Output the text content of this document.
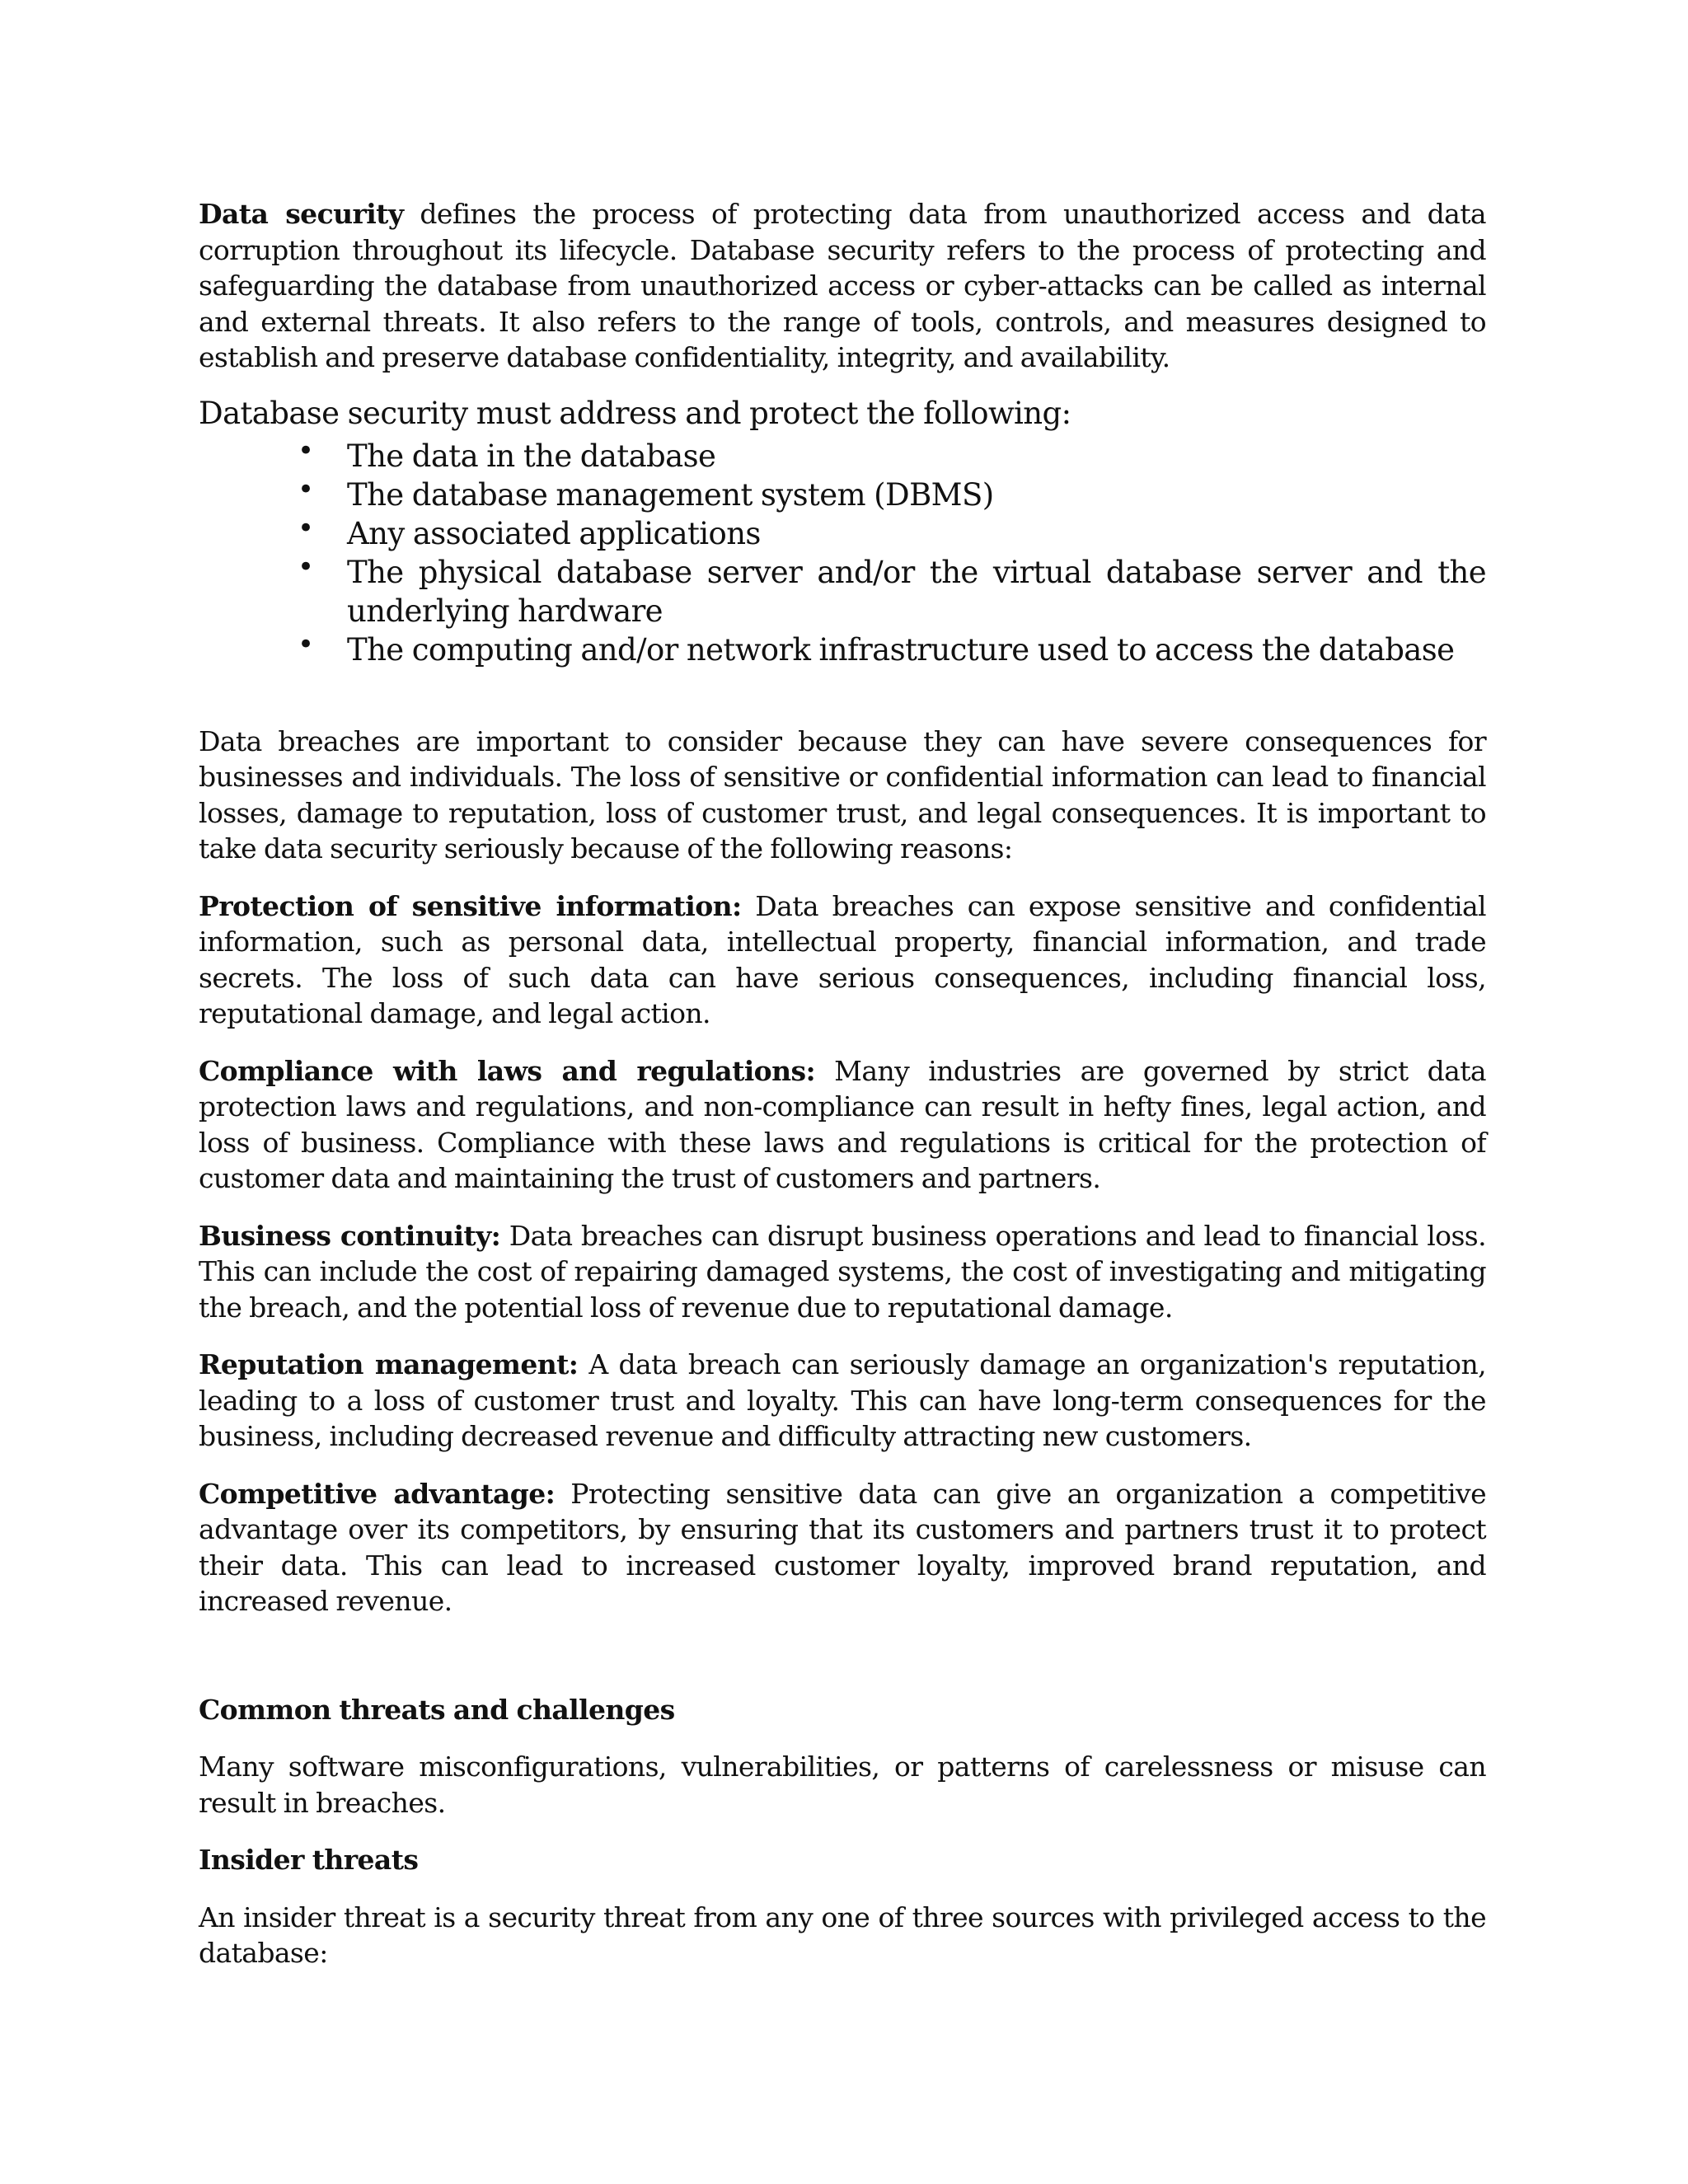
Data security defines the process of protecting data from unauthorized access and data corruption throughout its lifecycle. Database security refers to the process of protecting and safeguarding the database from unauthorized access or cyber-attacks can be called as internal and external threats. It also refers to the range of tools, controls, and measures designed to establish and preserve database confidentiality, integrity, and availability.

Database security must address and protect the following:

• The data in the database
• The database management system (DBMS)
• Any associated applications
• The physical database server and/or the virtual database server and the underlying hardware
• The computing and/or network infrastructure used to access the database

Data breaches are important to consider because they can have severe consequences for businesses and individuals. The loss of sensitive or confidential information can lead to financial losses, damage to reputation, loss of customer trust, and legal consequences. It is important to take data security seriously because of the following reasons:

Protection of sensitive information: Data breaches can expose sensitive and confidential information, such as personal data, intellectual property, financial information, and trade secrets. The loss of such data can have serious consequences, including financial loss, reputational damage, and legal action.

Compliance with laws and regulations: Many industries are governed by strict data protection laws and regulations, and non-compliance can result in hefty fines, legal action, and loss of business. Compliance with these laws and regulations is critical for the protection of customer data and maintaining the trust of customers and partners.

Business continuity: Data breaches can disrupt business operations and lead to financial loss. This can include the cost of repairing damaged systems, the cost of investigating and mitigating the breach, and the potential loss of revenue due to reputational damage.

Reputation management: A data breach can seriously damage an organization's reputation, leading to a loss of customer trust and loyalty. This can have long-term consequences for the business, including decreased revenue and difficulty attracting new customers.

Competitive advantage: Protecting sensitive data can give an organization a competitive advantage over its competitors, by ensuring that its customers and partners trust it to protect their data. This can lead to increased customer loyalty, improved brand reputation, and increased revenue.

Common threats and challenges

Many software misconfigurations, vulnerabilities, or patterns of carelessness or misuse can result in breaches.

Insider threats

An insider threat is a security threat from any one of three sources with privileged access to the database:
